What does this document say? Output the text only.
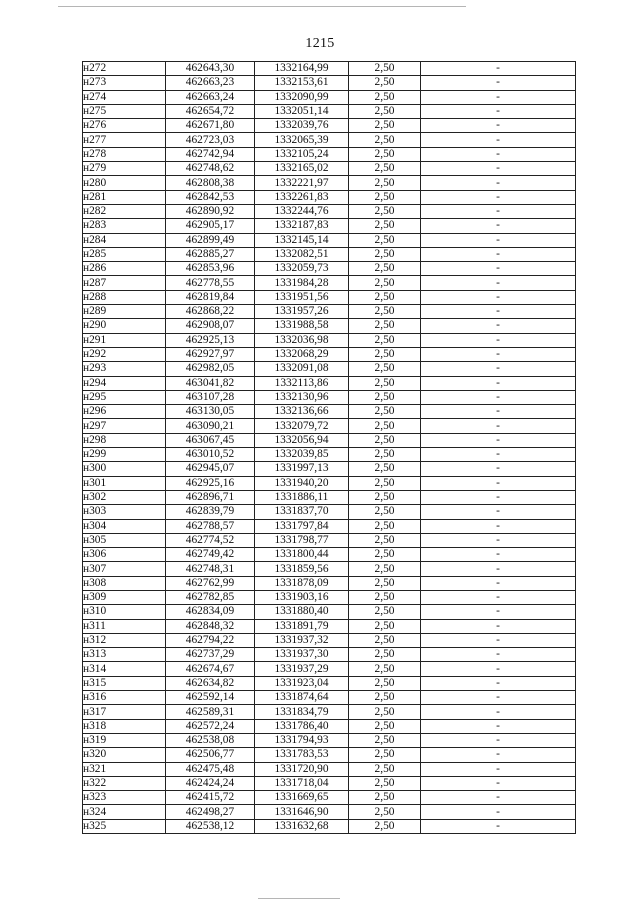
1215
н272	462643,30	1332164,99	2,50	-
н273	462663,23	1332153,61	2,50	-
н274	462663,24	1332090,99	2,50	-
н275	462654,72	1332051,14	2,50	-
н276	462671,80	1332039,76	2,50	-
н277	462723,03	1332065,39	2,50	-
н278	462742,94	1332105,24	2,50	-
н279	462748,62	1332165,02	2,50	-
н280	462808,38	1332221,97	2,50	-
н281	462842,53	1332261,83	2,50	-
н282	462890,92	1332244,76	2,50	-
н283	462905,17	1332187,83	2,50	-
н284	462899,49	1332145,14	2,50	-
н285	462885,27	1332082,51	2,50	-
н286	462853,96	1332059,73	2,50	-
н287	462778,55	1331984,28	2,50	-
н288	462819,84	1331951,56	2,50	-
н289	462868,22	1331957,26	2,50	-
н290	462908,07	1331988,58	2,50	-
н291	462925,13	1332036,98	2,50	-
н292	462927,97	1332068,29	2,50	-
н293	462982,05	1332091,08	2,50	-
н294	463041,82	1332113,86	2,50	-
н295	463107,28	1332130,96	2,50	-
н296	463130,05	1332136,66	2,50	-
н297	463090,21	1332079,72	2,50	-
н298	463067,45	1332056,94	2,50	-
н299	463010,52	1332039,85	2,50	-
н300	462945,07	1331997,13	2,50	-
н301	462925,16	1331940,20	2,50	-
н302	462896,71	1331886,11	2,50	-
н303	462839,79	1331837,70	2,50	-
н304	462788,57	1331797,84	2,50	-
н305	462774,52	1331798,77	2,50	-
н306	462749,42	1331800,44	2,50	-
н307	462748,31	1331859,56	2,50	-
н308	462762,99	1331878,09	2,50	-
н309	462782,85	1331903,16	2,50	-
н310	462834,09	1331880,40	2,50	-
н311	462848,32	1331891,79	2,50	-
н312	462794,22	1331937,32	2,50	-
н313	462737,29	1331937,30	2,50	-
н314	462674,67	1331937,29	2,50	-
н315	462634,82	1331923,04	2,50	-
н316	462592,14	1331874,64	2,50	-
н317	462589,31	1331834,79	2,50	-
н318	462572,24	1331786,40	2,50	-
н319	462538,08	1331794,93	2,50	-
н320	462506,77	1331783,53	2,50	-
н321	462475,48	1331720,90	2,50	-
н322	462424,24	1331718,04	2,50	-
н323	462415,72	1331669,65	2,50	-
н324	462498,27	1331646,90	2,50	-
н325	462538,12	1331632,68	2,50	-
